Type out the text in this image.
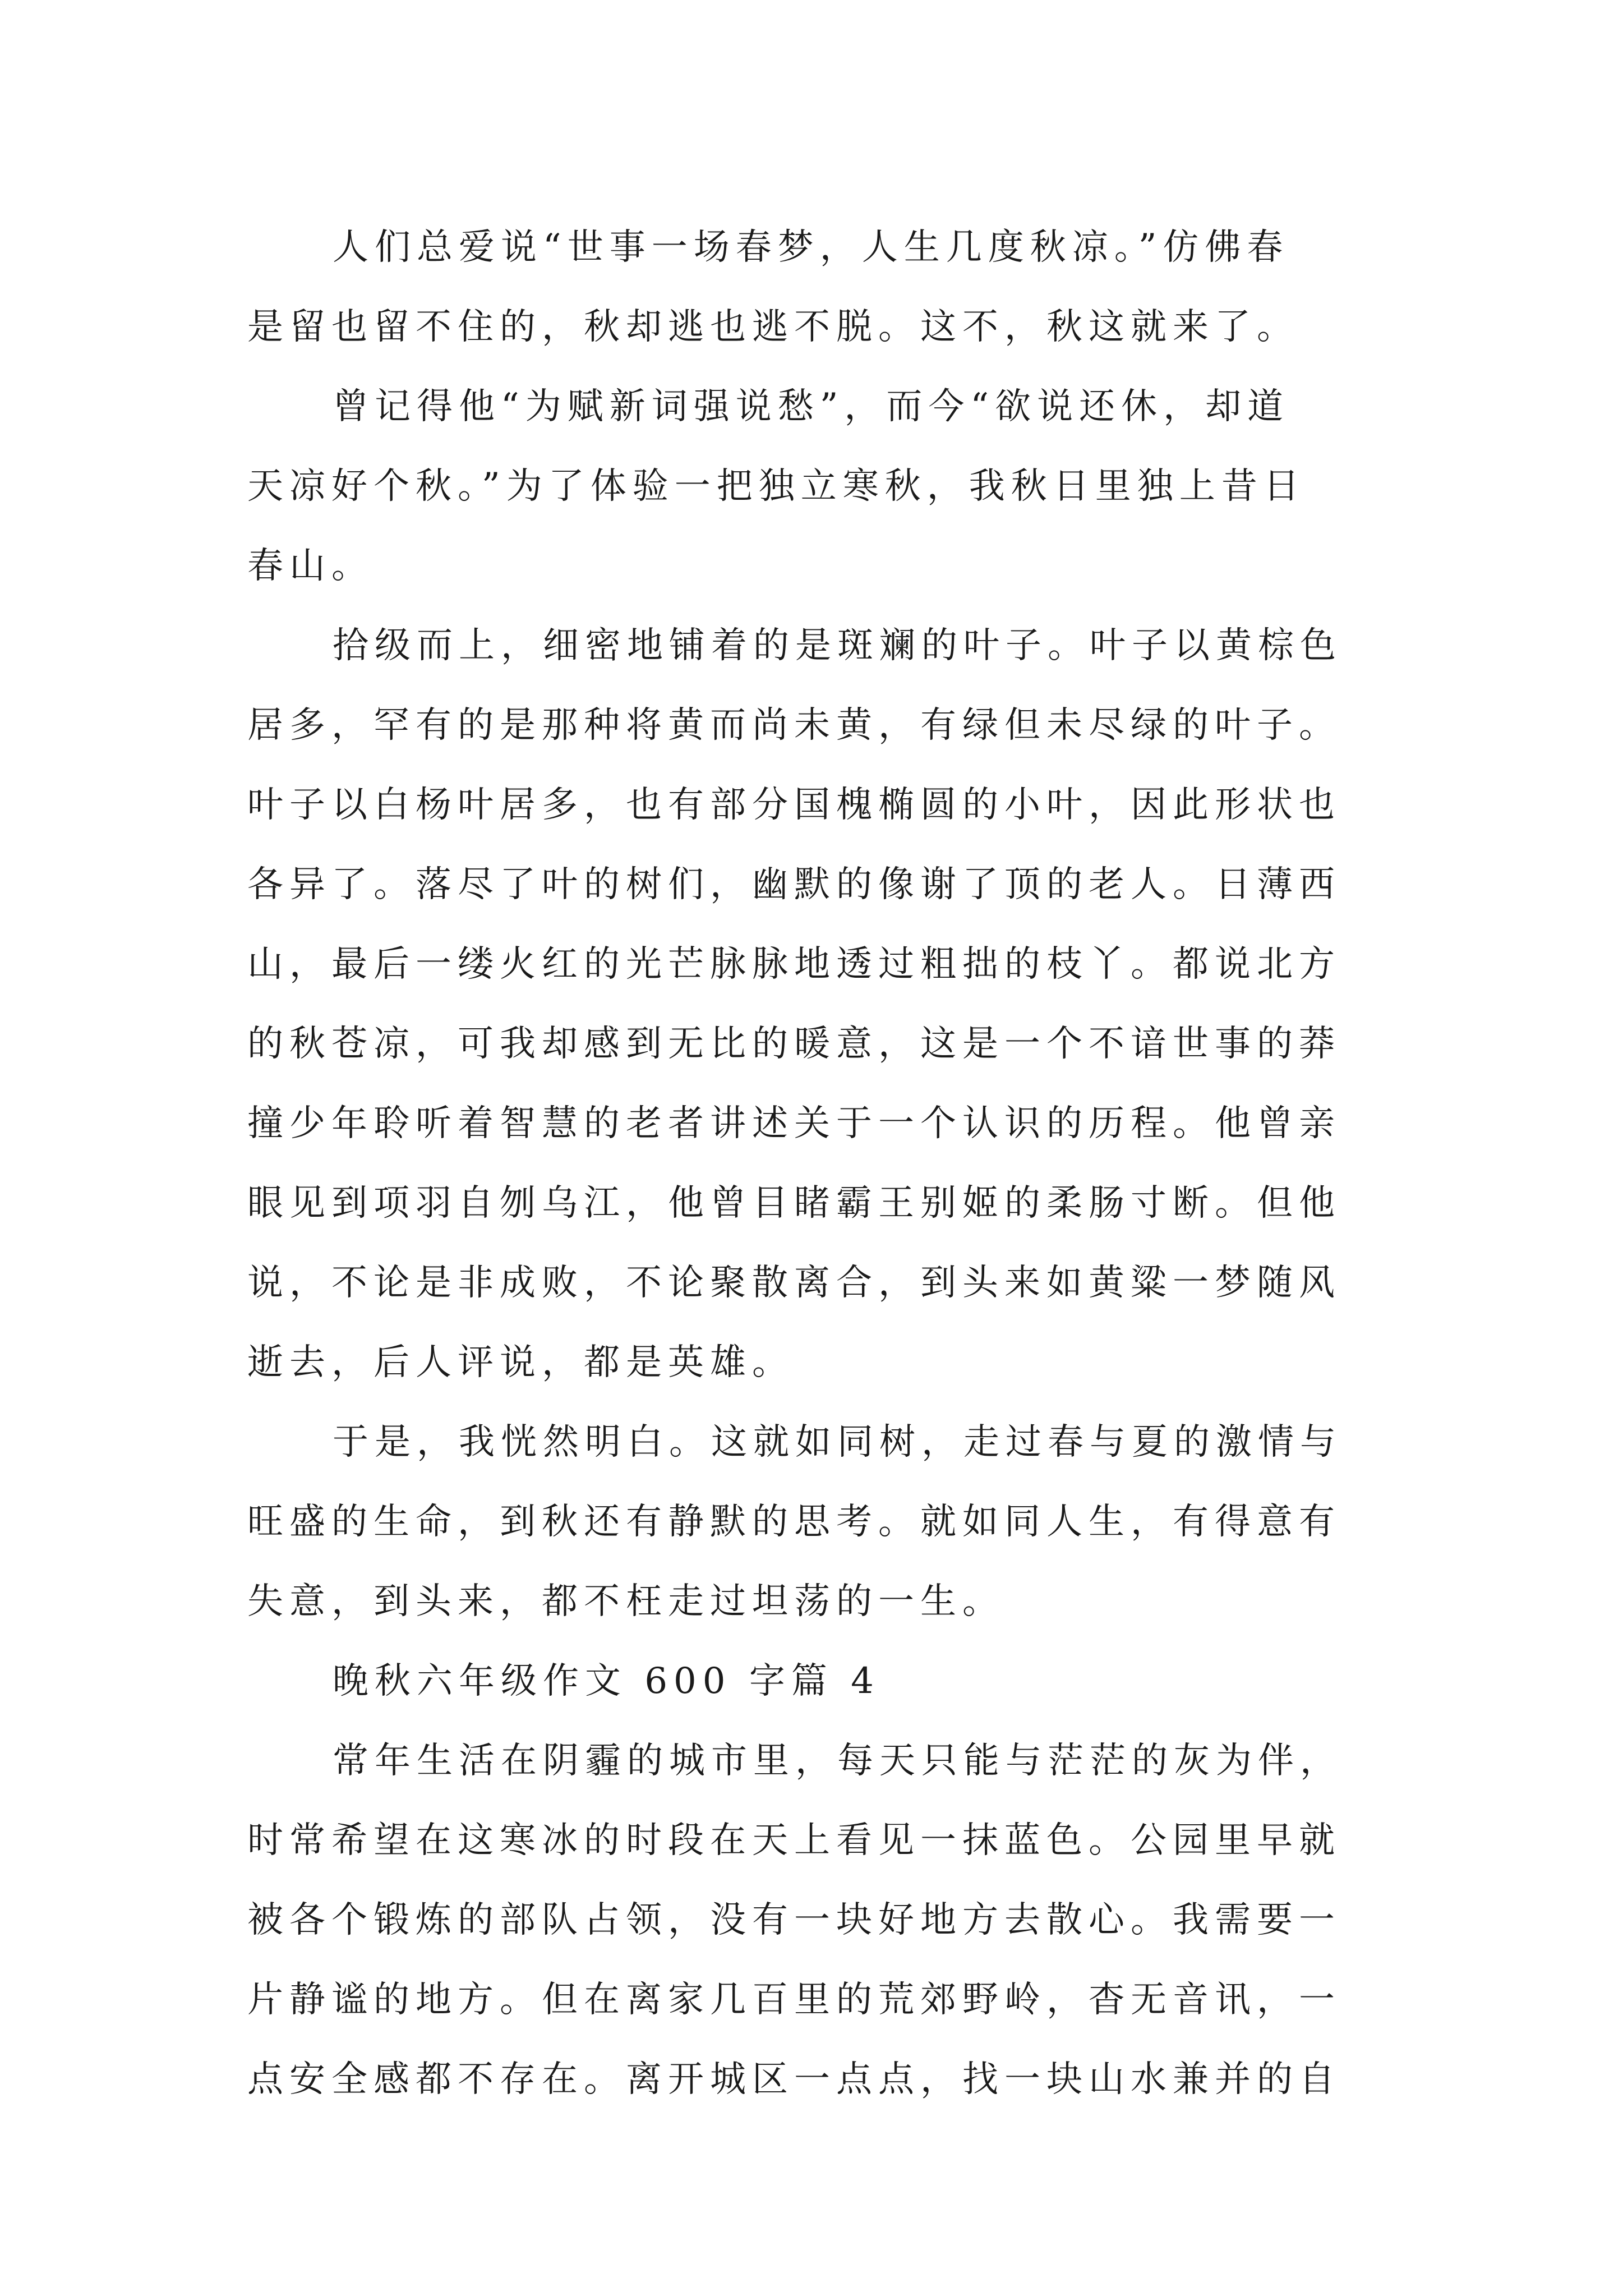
人们总爱说“世事一场春梦，人生几度秋凉。”仿佛春
是留也留不住的，秋却逃也逃不脱。这不，秋这就来了。
曾记得他“为赋新词强说愁”，而今“欲说还休，却道
天凉好个秋。”为了体验一把独立寒秋，我秋日里独上昔日
春山。
拾级而上，细密地铺着的是斑斓的叶子。叶子以黄棕色
居多，罕有的是那种将黄而尚未黄，有绿但未尽绿的叶子。
叶子以白杨叶居多，也有部分国槐椭圆的小叶，因此形状也
各异了。落尽了叶的树们，幽默的像谢了顶的老人。日薄西
山，最后一缕火红的光芒脉脉地透过粗拙的枝丫。都说北方
的秋苍凉，可我却感到无比的暖意，这是一个不谙世事的莽
撞少年聆听着智慧的老者讲述关于一个认识的历程。他曾亲
眼见到项羽自刎乌江，他曾目睹霸王别姬的柔肠寸断。但他
说，不论是非成败，不论聚散离合，到头来如黄粱一梦随风
逝去，后人评说，都是英雄。
于是，我恍然明白。这就如同树，走过春与夏的激情与
旺盛的生命，到秋还有静默的思考。就如同人生，有得意有
失意，到头来，都不枉走过坦荡的一生。
晚秋六年级作文 600 字篇 4
常年生活在阴霾的城市里，每天只能与茫茫的灰为伴，
时常希望在这寒冰的时段在天上看见一抹蓝色。公园里早就
被各个锻炼的部队占领，没有一块好地方去散心。我需要一
片静谧的地方。但在离家几百里的荒郊野岭，杳无音讯，一
点安全感都不存在。离开城区一点点，找一块山水兼并的自
